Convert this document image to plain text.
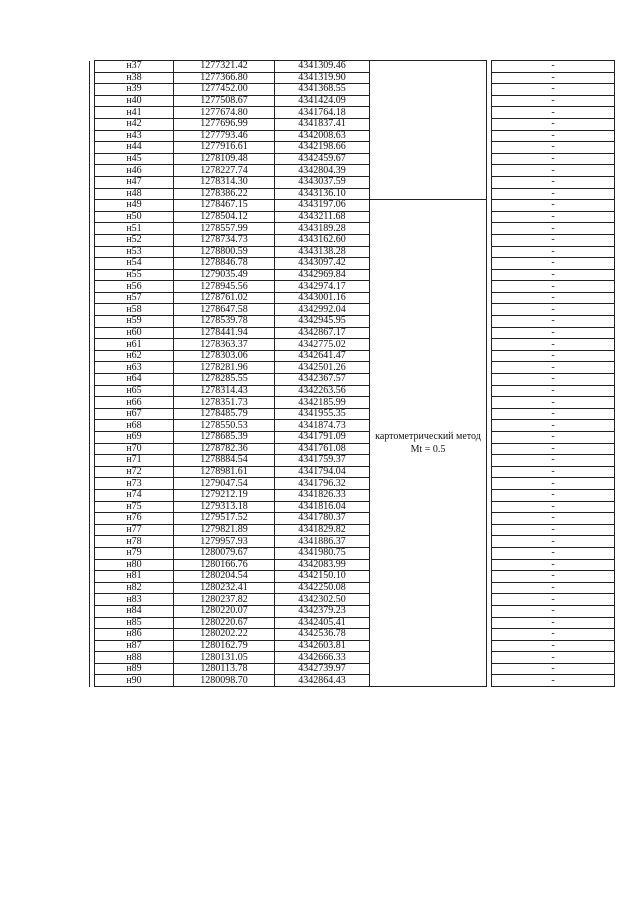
	н37	1277321.42	4341309.46			-
	н38	1277366.80	4341319.90			-
	н39	1277452.00	4341368.55			-
	н40	1277508.67	4341424.09			-
	н41	1277674.80	4341764.18			-
	н42	1277696.99	4341837.41			-
	н43	1277793.46	4342008.63			-
	н44	1277916.61	4342198.66			-
	н45	1278109.48	4342459.67			-
	н46	1278227.74	4342804.39			-
	н47	1278314.30	4343037.59			-
	н48	1278386.22	4343136.10			-
	н49	1278467.15	4343197.06	картометрический метод Mt = 0.5		-
	н50	1278504.12	4343211.68			-
	н51	1278557.99	4343189.28			-
	н52	1278734.73	4343162.60			-
	н53	1278800.59	4343138.28			-
	н54	1278846.78	4343097.42			-
	н55	1279035.49	4342969.84			-
	н56	1278945.56	4342974.17			-
	н57	1278761.02	4343001.16			-
	н58	1278647.58	4342992.04			-
	н59	1278539.78	4342945.95			-
	н60	1278441.94	4342867.17			-
	н61	1278363.37	4342775.02			-
	н62	1278303.06	4342641.47			-
	н63	1278281.96	4342501.26			-
	н64	1278285.55	4342367.57			-
	н65	1278314.43	4342263.56			-
	н66	1278351.73	4342185.99			-
	н67	1278485.79	4341955.35			-
	н68	1278550.53	4341874.73			-
	н69	1278685.39	4341791.09			-
	н70	1278782.36	4341761.08			-
	н71	1278884.54	4341759.37			-
	н72	1278981.61	4341794.04			-
	н73	1279047.54	4341796.32			-
	н74	1279212.19	4341826.33			-
	н75	1279313.18	4341816.04			-
	н76	1279517.52	4341780.37			-
	н77	1279821.89	4341829.82			-
	н78	1279957.93	4341886.37			-
	н79	1280079.67	4341980.75			-
	н80	1280166.76	4342083.99			-
	н81	1280204.54	4342150.10			-
	н82	1280232.41	4342250.08			-
	н83	1280237.82	4342302.50			-
	н84	1280220.07	4342379.23			-
	н85	1280220.67	4342405.41			-
	н86	1280202.22	4342536.78			-
	н87	1280162.79	4342603.81			-
	н88	1280131.05	4342666.33			-
	н89	1280113.78	4342739.97			-
	н90	1280098.70	4342864.43			-
